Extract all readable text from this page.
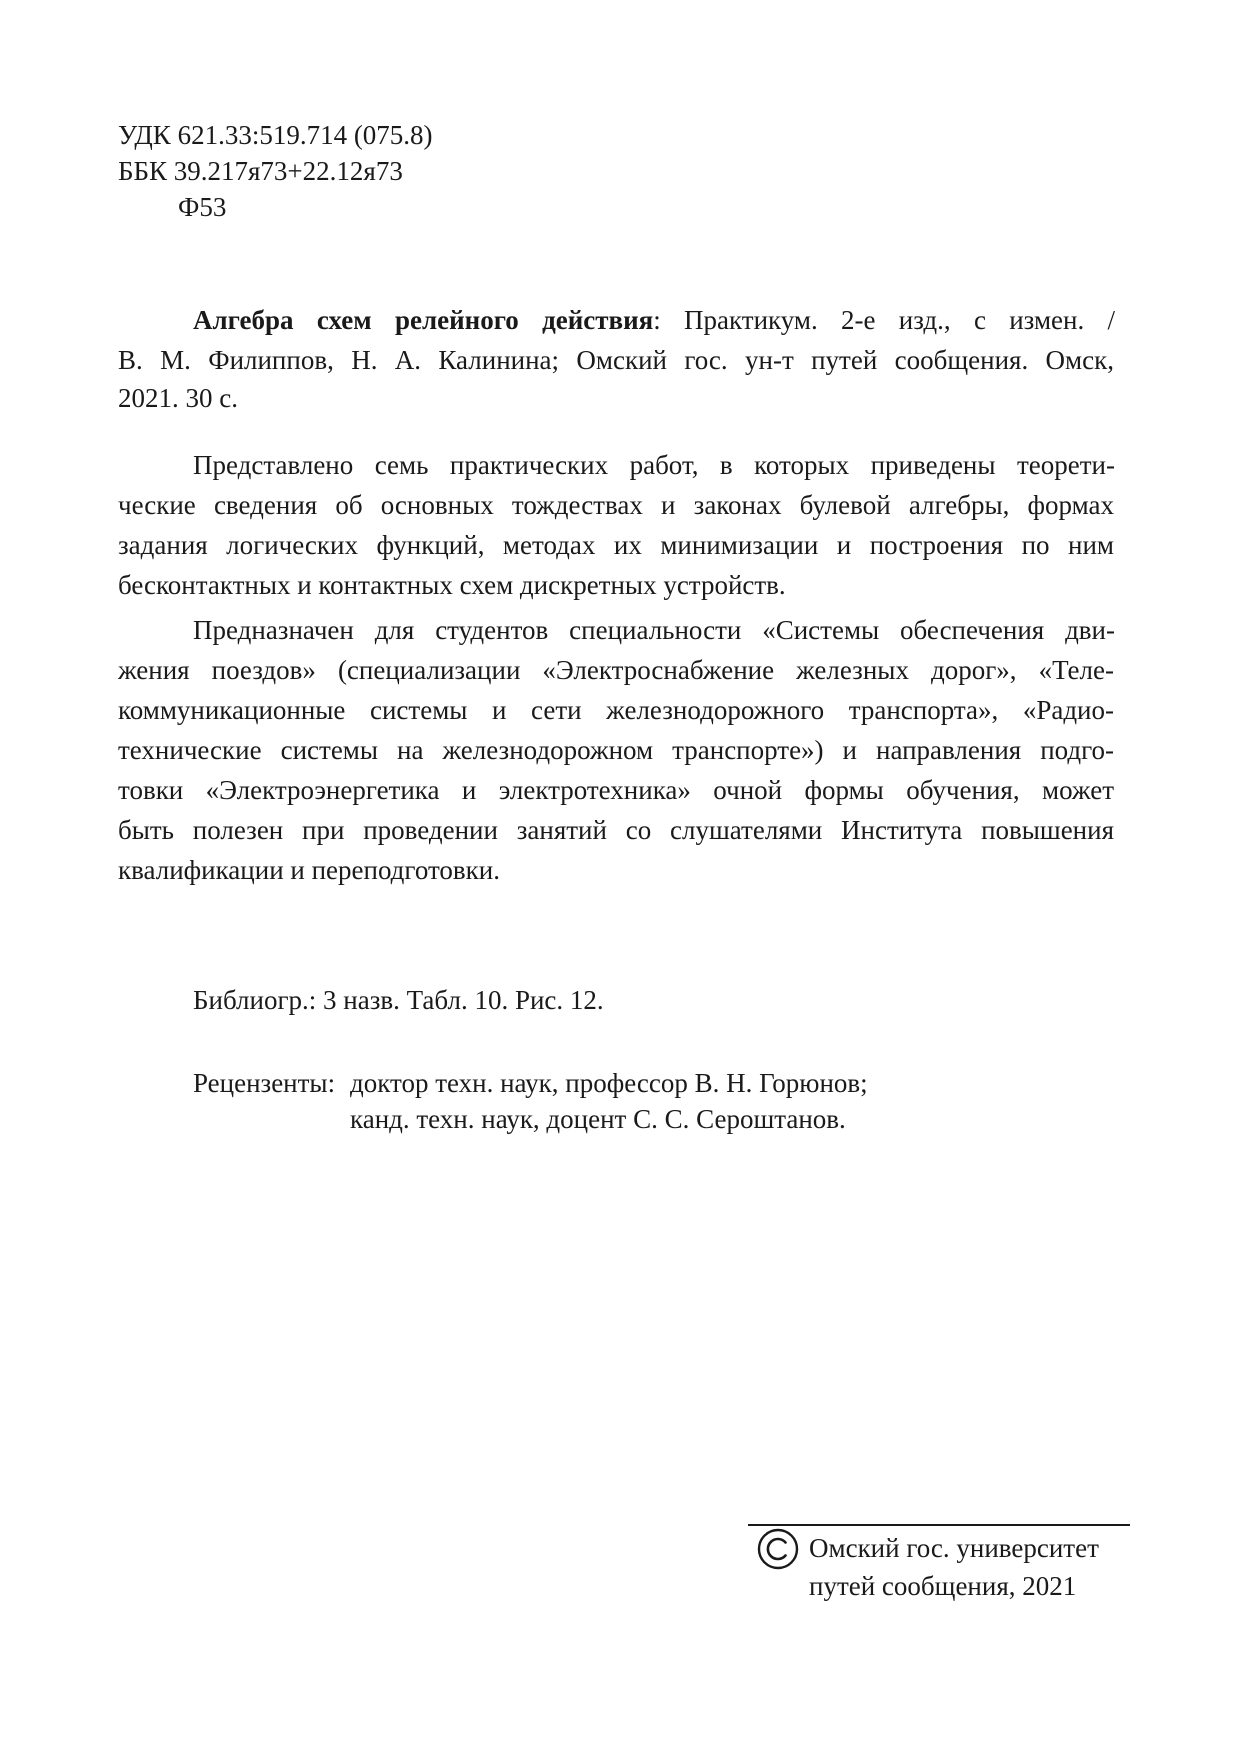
УДК 621.33:519.714 (075.8)
ББК 39.217я73+22.12я73
Ф53
Алгебра схем релейного действия: Практикум. 2-е изд., с измен. /
В. М. Филиппов, Н. А. Калинина; Омский гос. ун-т путей сообщения. Омск,
2021. 30 с.
Представлено семь практических работ, в которых приведены теорети-
ческие сведения об основных тождествах и законах булевой алгебры, формах
задания логических функций, методах их минимизации и построения по ним
бесконтактных и контактных схем дискретных устройств.
Предназначен для студентов специальности «Системы обеспечения дви-
жения поездов» (специализации «Электроснабжение железных дорог», «Теле-
коммуникационные системы и сети железнодорожного транспорта», «Радио-
технические системы на железнодорожном транспорте») и направления подго-
товки «Электроэнергетика и электротехника» очной формы обучения, может
быть полезен при проведении занятий со слушателями Института повышения
квалификации и переподготовки.
Библиогр.: 3 назв. Табл. 10. Рис. 12.
Рецензенты: доктор техн. наук, профессор В. Н. Горюнов;
канд. техн. наук, доцент С. С. Серoштанов.
Омский гос. университет
путей сообщения, 2021
